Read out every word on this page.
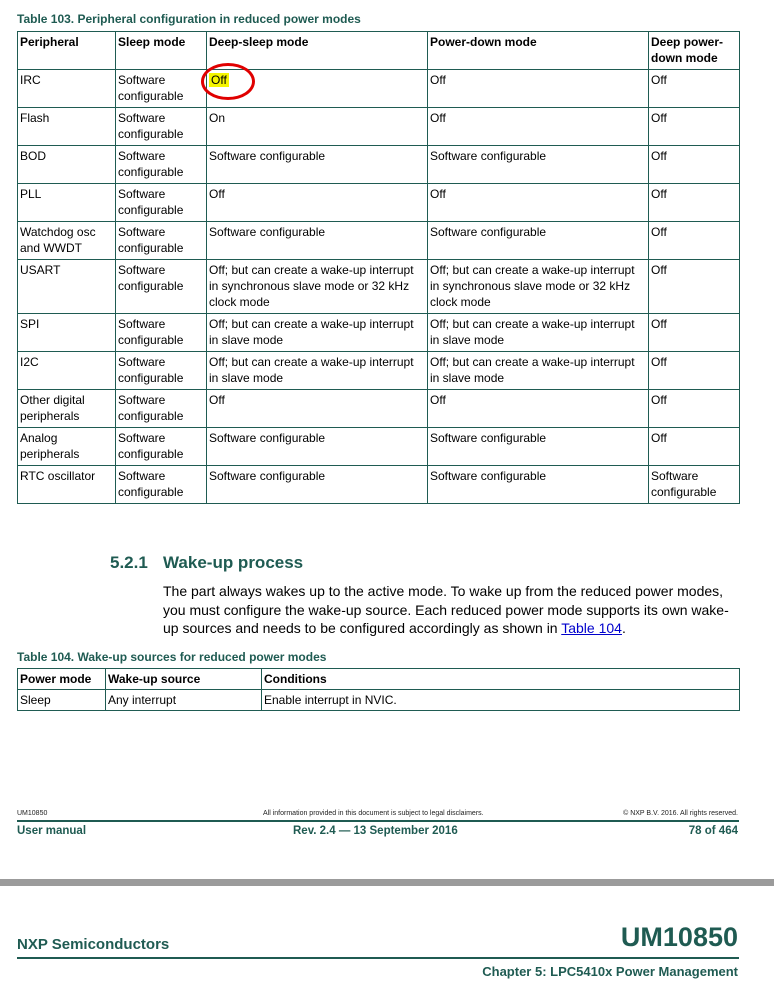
Table 103. Peripheral configuration in reduced power modes
Peripheral	Sleep mode	Deep-sleep mode	Power-down mode	Deep power-down mode
IRC	Software configurable	Off	Off	Off
Flash	Software configurable	On	Off	Off
BOD	Software configurable	Software configurable	Software configurable	Off
PLL	Software configurable	Off	Off	Off
Watchdog osc and WWDT	Software configurable	Software configurable	Software configurable	Off
USART	Software configurable	Off; but can create a wake-up interrupt in synchronous slave mode or 32 kHz clock mode	Off; but can create a wake-up interrupt in synchronous slave mode or 32 kHz clock mode	Off
SPI	Software configurable	Off; but can create a wake-up interrupt in slave mode	Off; but can create a wake-up interrupt in slave mode	Off
I2C	Software configurable	Off; but can create a wake-up interrupt in slave mode	Off; but can create a wake-up interrupt in slave mode	Off
Other digital peripherals	Software configurable	Off	Off	Off
Analog peripherals	Software configurable	Software configurable	Software configurable	Off
RTC oscillator	Software configurable	Software configurable	Software configurable	Software configurable
5.2.1 Wake-up process
The part always wakes up to the active mode. To wake up from the reduced power modes, you must configure the wake-up source. Each reduced power mode supports its own wake-up sources and needs to be configured accordingly as shown in Table 104.
Table 104. Wake-up sources for reduced power modes
Power mode	Wake-up source	Conditions
Sleep	Any interrupt	Enable interrupt in NVIC.
UM10850	All information provided in this document is subject to legal disclaimers.	© NXP B.V. 2016. All rights reserved.
User manual	Rev. 2.4 — 13 September 2016	78 of 464
NXP Semiconductors	UM10850
Chapter 5: LPC5410x Power Management
